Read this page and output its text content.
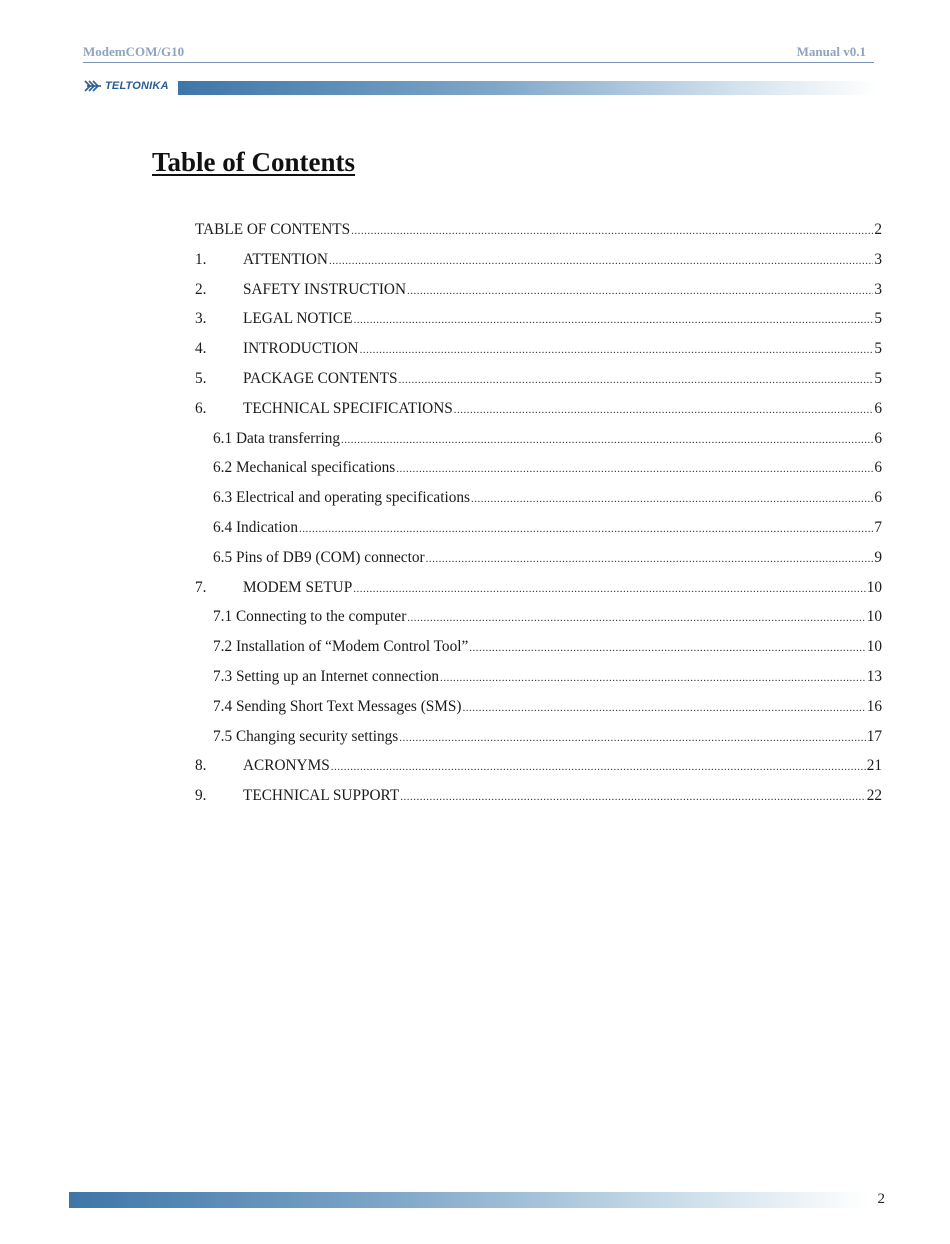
ModemCOM/G10	Manual v0.1
TELTONIKA
Table of Contents
TABLE OF CONTENTS .....	2
1.	ATTENTION .....	3
2.	SAFETY INSTRUCTION .....	3
3.	LEGAL NOTICE .....	5
4.	INTRODUCTION .....	5
5.	PACKAGE CONTENTS .....	5
6.	TECHNICAL SPECIFICATIONS .....	6
6.1 Data transferring .....	6
6.2 Mechanical specifications .....	6
6.3 Electrical and operating specifications .....	6
6.4 Indication .....	7
6.5 Pins of DB9 (COM) connector .....	9
7.	MODEM SETUP .....	10
7.1 Connecting to the computer .....	10
7.2 Installation of “Modem Control Tool” .....	10
7.3 Setting up an Internet connection .....	13
7.4 Sending Short Text Messages (SMS) .....	16
7.5 Changing security settings .....	17
8.	ACRONYMS .....	21
9.	TECHNICAL SUPPORT .....	22
2
